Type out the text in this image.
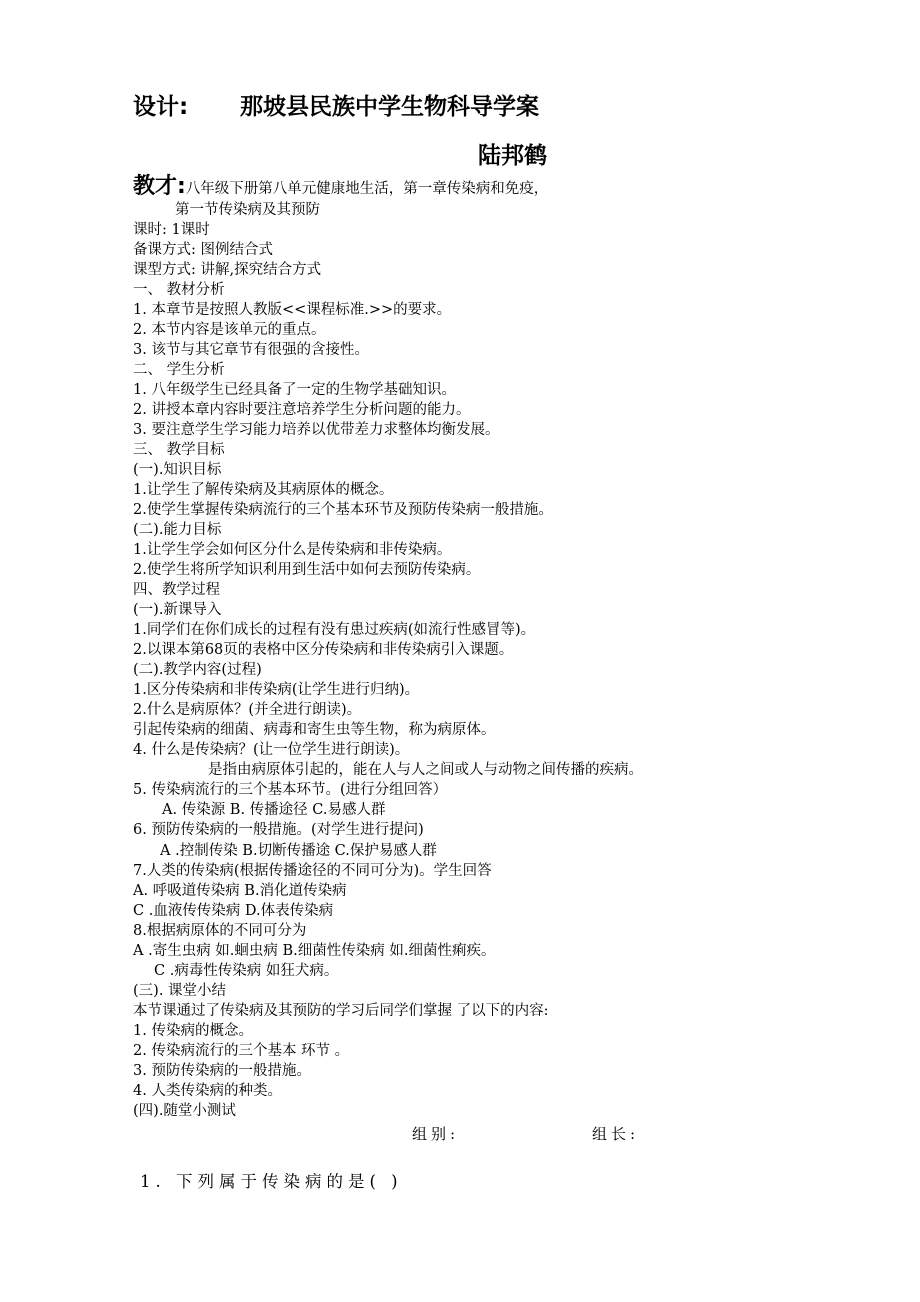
设计: 那坡县民族中学生物科导学案
陆邦鹤
教才:八年级下册第八单元健康地生活，第一章传染病和免疫，
第一节传染病及其预防
课时: 1课时
备课方式: 图例结合式
课型方式: 讲解,探究结合方式
一、 教材分析
1. 本章节是按照人教版<<课程标准.>>的要求。
2. 本节内容是该单元的重点。
3. 该节与其它章节有很强的含接性。
二、 学生分析
1. 八年级学生已经具备了一定的生物学基础知识。
2. 讲授本章内容时要注意培养学生分析问题的能力。
3. 要注意学生学习能力培养以优带差力求整体均衡发展。
三、 教学目标
(一).知识目标
1.让学生了解传染病及其病原体的概念。
2.使学生掌握传染病流行的三个基本环节及预防传染病一般措施。
(二).能力目标
1.让学生学会如何区分什么是传染病和非传染病。
2.使学生将所学知识利用到生活中如何去预防传染病。
四、教学过程
(一).新课导入
1.同学们在你们成长的过程有没有患过疾病(如流行性感冒等)。
2.以课本第68页的表格中区分传染病和非传染病引入课题。
(二).教学内容(过程)
1.区分传染病和非传染病(让学生进行归纳)。
2.什么是病原体？(并全进行朗读)。
引起传染病的细菌、病毒和寄生虫等生物，称为病原体。
4. 什么是传染病？(让一位学生进行朗读)。
是指由病原体引起的，能在人与人之间或人与动物之间传播的疾病。
5. 传染病流行的三个基本环节。(进行分组回答）
A. 传染源 B. 传播途径 C.易感人群
6. 预防传染病的一般措施。(对学生进行提问)
A .控制传染 B.切断传播途 C.保护易感人群
7.人类的传染病(根据传播途径的不同可分为)。学生回答
A. 呼吸道传染病 B.消化道传染病
C .血液传传染病 D.体表传染病
8.根据病原体的不同可分为
A .寄生虫病 如.蛔虫病 B.细菌性传染病 如.细菌性痢疾。
C .病毒性传染病 如狂犬病。
(三). 课堂小结
本节课通过了传染病及其预防的学习后同学们掌握 了以下的内容:
1. 传染病的概念。
2. 传染病流行的三个基本 环节 。
3. 预防传染病的一般措施。
4. 人类传染病的种类。
(四).随堂小测试
组别:	组长:
1. 下列属于传染病的是( )
